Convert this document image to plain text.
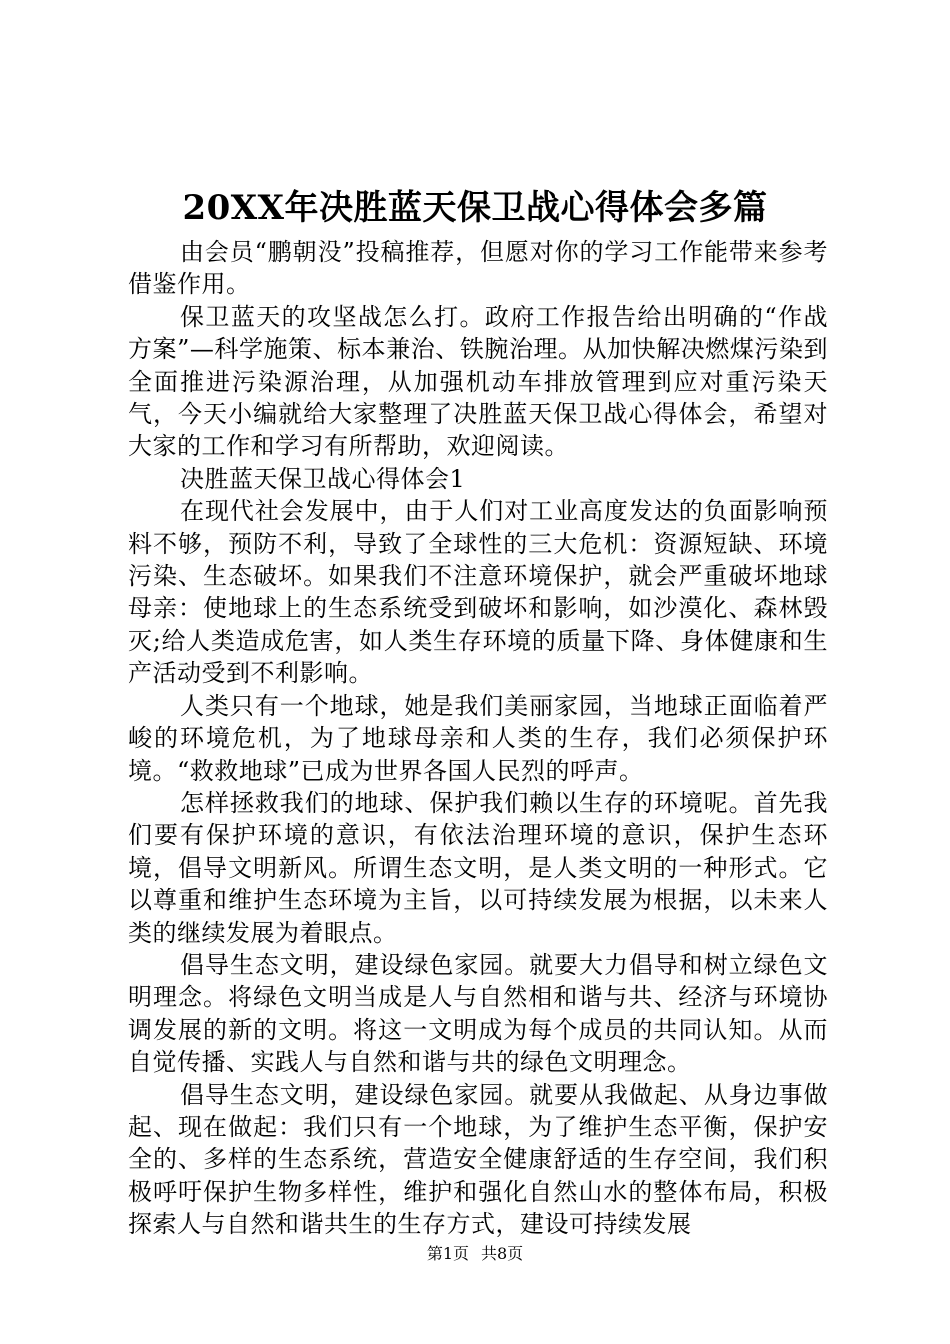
20XX年决胜蓝天保卫战心得体会多篇

由会员“鹏朝没”投稿推荐，但愿对你的学习工作能带来参考借鉴作用。

保卫蓝天的攻坚战怎么打。政府工作报告给出明确的“作战方案”—科学施策、标本兼治、铁腕治理。从加快解决燃煤污染到全面推进污染源治理，从加强机动车排放管理到应对重污染天气，今天小编就给大家整理了决胜蓝天保卫战心得体会，希望对大家的工作和学习有所帮助，欢迎阅读。

决胜蓝天保卫战心得体会1

在现代社会发展中，由于人们对工业高度发达的负面影响预料不够，预防不利，导致了全球性的三大危机：资源短缺、环境污染、生态破坏。如果我们不注意环境保护，就会严重破坏地球母亲：使地球上的生态系统受到破坏和影响，如沙漠化、森林毁灭;给人类造成危害，如人类生存环境的质量下降、身体健康和生产活动受到不利影响。

人类只有一个地球，她是我们美丽家园，当地球正面临着严峻的环境危机，为了地球母亲和人类的生存，我们必须保护环境。“救救地球”已成为世界各国人民烈的呼声。

怎样拯救我们的地球、保护我们赖以生存的环境呢。首先我们要有保护环境的意识，有依法治理环境的意识，保护生态环境，倡导文明新风。所谓生态文明，是人类文明的一种形式。它以尊重和维护生态环境为主旨，以可持续发展为根据，以未来人类的继续发展为着眼点。

倡导生态文明，建设绿色家园。就要大力倡导和树立绿色文明理念。将绿色文明当成是人与自然相和谐与共、经济与环境协调发展的新的文明。将这一文明成为每个成员的共同认知。从而自觉传播、实践人与自然和谐与共的绿色文明理念。

倡导生态文明，建设绿色家园。就要从我做起、从身边事做起、现在做起：我们只有一个地球，为了维护生态平衡，保护安全的、多样的生态系统，营造安全健康舒适的生存空间，我们积极呼吁保护生物多样性，维护和强化自然山水的整体布局，积极探索人与自然和谐共生的生存方式，建设可持续发展

第1页 共8页
